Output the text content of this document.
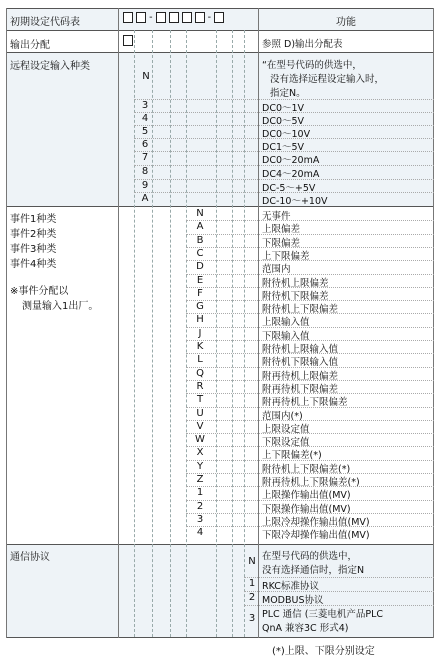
初期设定代码表	-	-	功能
输出分配	参照 D)输出分配表
远程设定输入种类
N
“在型号代码的供选中，
没有选择远程设定输入时，
指定N。
3	DC0～1V
4	DC0～5V
5	DC0～10V
6	DC1～5V
7	DC0～20mA
8	DC4～20mA
9	DC-5～+5V
A	DC-10～+10V
事件1种类
事件2种类
事件3种类
事件4种类
※事件分配以
测量输入1出厂。
N	无事件
A	上限偏差
B	下限偏差
C	上下限偏差
D	范围内
E	附待机上限偏差
F	附待机下限偏差
G	附待机上下限偏差
H	上限输入值
J	下限输入值
K	附待机上限输入值
L	附待机下限输入值
Q	附再待机上限偏差
R	附再待机下限偏差
T	附再待机上下限偏差
U	范围内(*)
V	上限设定值
W	下限设定值
X	上下限偏差(*)
Y	附待机上下限偏差(*)
Z	附再待机上下限偏差(*)
1	上限操作输出值(MV)
2	下限操作输出值(MV)
3	上限冷却操作输出值(MV)
4	下限冷却操作输出值(MV)
通信协议	N 在型号代码的供选中，
没有选择通信时，指定N
1 RKC标准协议
2 MODBUS协议
3 PLC 通信 (三菱电机产品PLC
QnA 兼容3C 形式4)
(*)上限、下限分别设定
